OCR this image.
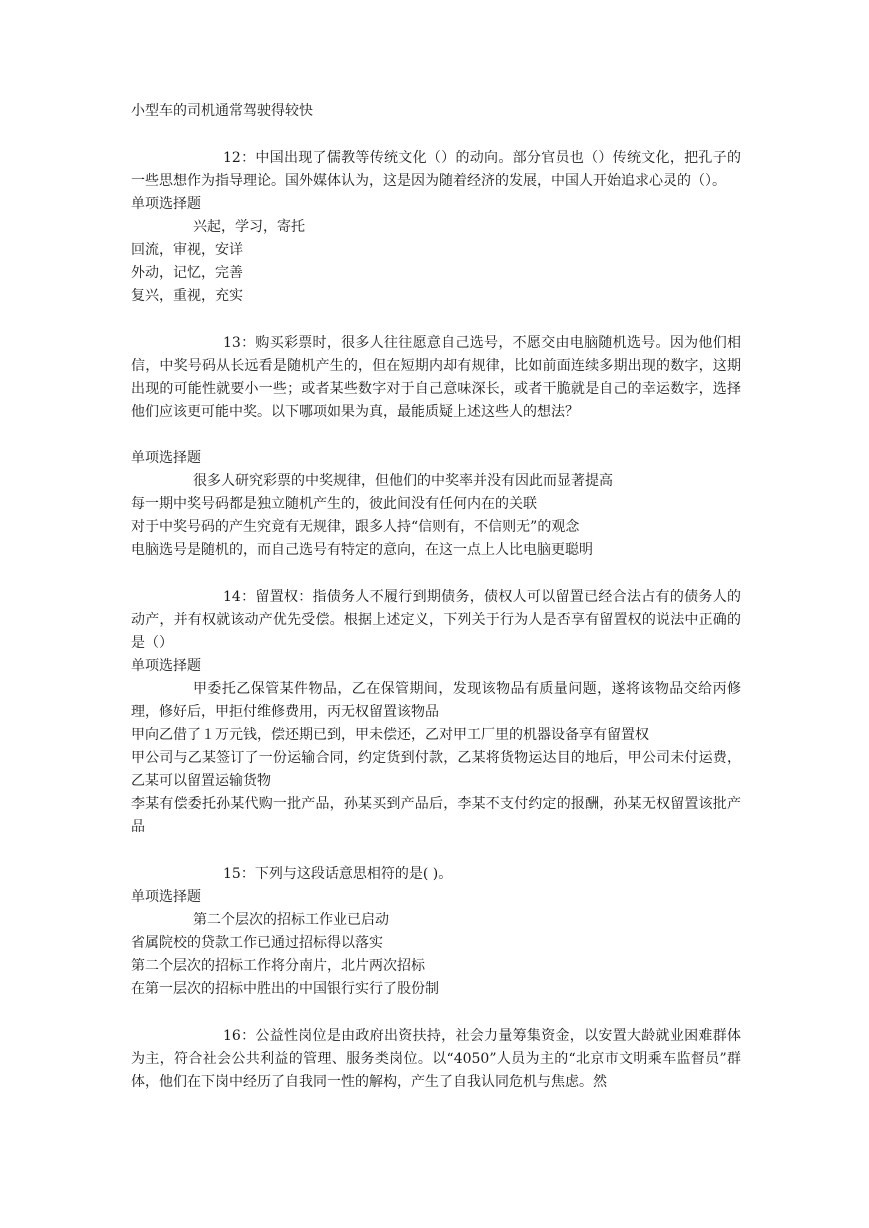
小型车的司机通常驾驶得较快
12：中国出现了儒教等传统文化（）的动向。部分官员也（）传统文化，把孔子的一些思想作为指导理论。国外媒体认为，这是因为随着经济的发展，中国人开始追求心灵的（）。
单项选择题
兴起，学习，寄托
回流，审视，安详
外动，记忆，完善
复兴，重视，充实
13：购买彩票时，很多人往往愿意自己选号，不愿交由电脑随机选号。因为他们相信，中奖号码从长远看是随机产生的，但在短期内却有规律，比如前面连续多期出现的数字，这期出现的可能性就要小一些；或者某些数字对于自己意味深长，或者干脆就是自己的幸运数字，选择他们应该更可能中奖。以下哪项如果为真，最能质疑上述这些人的想法？
单项选择题
很多人研究彩票的中奖规律，但他们的中奖率并没有因此而显著提高
每一期中奖号码都是独立随机产生的，彼此间没有任何内在的关联
对于中奖号码的产生究竟有无规律，跟多人持“信则有，不信则无”的观念
电脑选号是随机的，而自己选号有特定的意向，在这一点上人比电脑更聪明
14：留置权：指债务人不履行到期债务，债权人可以留置已经合法占有的债务人的动产，并有权就该动产优先受偿。根据上述定义，下列关于行为人是否享有留置权的说法中正确的是（）
单项选择题
甲委托乙保管某件物品，乙在保管期间，发现该物品有质量问题，遂将该物品交给丙修理，修好后，甲拒付维修费用，丙无权留置该物品
甲向乙借了１万元钱，偿还期已到，甲未偿还，乙对甲工厂里的机器设备享有留置权
甲公司与乙某签订了一份运输合同，约定货到付款，乙某将货物运达目的地后，甲公司未付运费，乙某可以留置运输货物
李某有偿委托孙某代购一批产品，孙某买到产品后，李某不支付约定的报酬，孙某无权留置该批产品
15：下列与这段话意思相符的是( )。
单项选择题
第二个层次的招标工作业已启动
省属院校的贷款工作已通过招标得以落实
第二个层次的招标工作将分南片，北片两次招标
在第一层次的招标中胜出的中国银行实行了股份制
16：公益性岗位是由政府出资扶持，社会力量筹集资金，以安置大龄就业困难群体为主，符合社会公共利益的管理、服务类岗位。以“4050”人员为主的“北京市文明乘车监督员”群体，他们在下岗中经历了自我同一性的解构，产生了自我认同危机与焦虑。然
